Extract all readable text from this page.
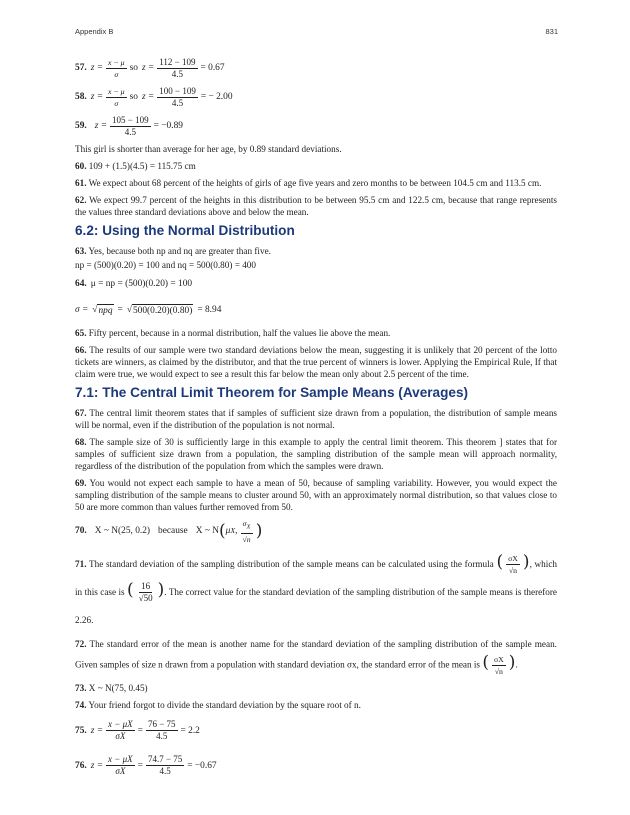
Appendix B	831
57. $z = \frac{x - \mu}{\sigma}$ so $z = \frac{112 - 109}{4.5} = 0.67$
58. $z = \frac{x - \mu}{\sigma}$ so $z = \frac{100 - 109}{4.5}$ = − 2.00
59. $z = \frac{105 - 109}{4.5} = -0.89$

This girl is shorter than average for her age, by 0.89 standard deviations.

60. 109 + (1.5)(4.5) = 115.75 cm

61. We expect about 68 percent of the heights of girls of age five years and zero months to be between 104.5 cm and 113.5 cm.

62. We expect 99.7 percent of the heights in this distribution to be between 95.5 cm and 122.5 cm, because that range represents the values three standard deviations above and below the mean.

6.2: Using the Normal Distribution

63. Yes, because both np and nq are greater than five.

np = (500)(0.20) = 100 and nq = 500(0.80) = 400

64. μ = np = (500)(0.20) = 100
σ = √ npq = √ 500(0.20)(0.80) = 8.94

65. Fifty percent, because in a normal distribution, half the values lie above the mean.

66. The results of our sample were two standard deviations below the mean, suggesting it is unlikely that 20 percent of the lotto tickets are winners, as claimed by the distributor, and that the true percent of winners is lower. Applying the Empirical Rule, If that claim were true, we would expect to see a result this far below the mean only about 2.5 percent of the time.

7.1: The Central Limit Theorem for Sample Means (Averages)

67. The central limit theorem states that if samples of sufficient size drawn from a population, the distribution of sample means will be normal, even if the distribution of the population is not normal.

68. The sample size of 30 is sufficiently large in this example to apply the central limit theorem. This theorem ] states that for samples of sufficient size drawn from a population, the sampling distribution of the sample mean will approach normality, regardless of the distribution of the population from which the samples were drawn.

69. You would not expect each sample to have a mean of 50, because of sampling variability. However, you would expect the sampling distribution of the sample means to cluster around 50, with an approximately normal distribution, so that values close to 50 are more common than values further removed from 50.

70. X ~ N(25, 0.2) because X ~ N ( μ X , $\frac{\sigma_X}{√n}$ )

71. The standard deviation of the sampling distribution of the sample means can be calculated using the formula ( $\frac{\sigma X}{√n}$ ), which in this case is ( $\frac{16}{√50}$ ). The correct value for the standard deviation of the sampling distribution of the sample means is therefore 2.26.

72. The standard error of the mean is another name for the standard deviation of the sampling distribution of the sample mean. Given samples of size n drawn from a population with standard deviation σx, the standard error of the mean is ( $\frac{\sigma X}{√n}$ ).

73. X ~ N(75, 0.45)

74. Your friend forgot to divide the standard deviation by the square root of n.

75. $z = \frac{x - \mu X}{\sigma X} = \frac{76 - 75}{4.5} = 2.2$
76. $z = \frac{x - \mu X}{\sigma X} = \frac{74.7 - 75}{4.5} = -0.67$
